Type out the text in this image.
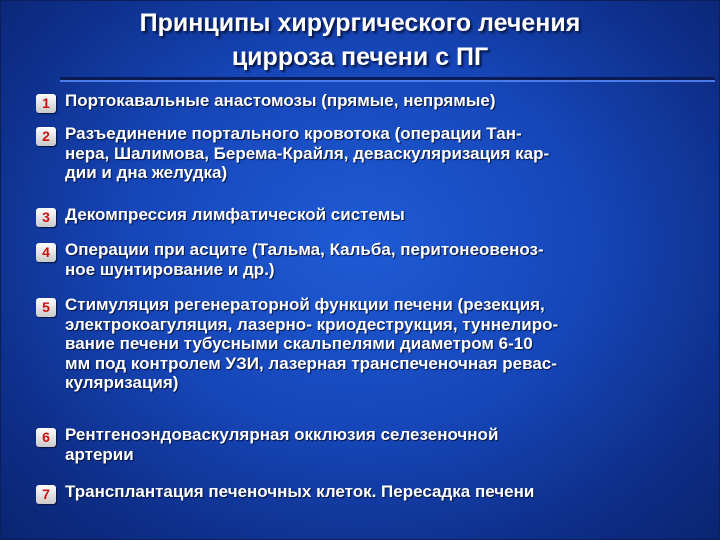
Принципы хирургического лечения
цирроза печени с ПГ
1 Портокавальные анастомозы (прямые, непрямые)
2 Разъединение портального кровотока (операции Тан-
нера, Шалимова, Берема-Крайля, деваскуляризация кар-
дии и дна желудка)
3 Декомпрессия лимфатической системы
4 Операции при асците (Тальма, Кальба, перитонеовеноз-
ное шунтирование и др.)
5 Стимуляция регенераторной функции печени (резекция,
электрокоагуляция, лазерно- криодеструкция, туннелиро-
вание печени тубусными скальпелями диаметром 6-10
мм под контролем УЗИ, лазерная транспеченочная ревас-
куляризация)
6 Рентгеноэндоваскулярная окклюзия селезеночной
артерии
7 Трансплантация печеночных клеток. Пересадка печени
